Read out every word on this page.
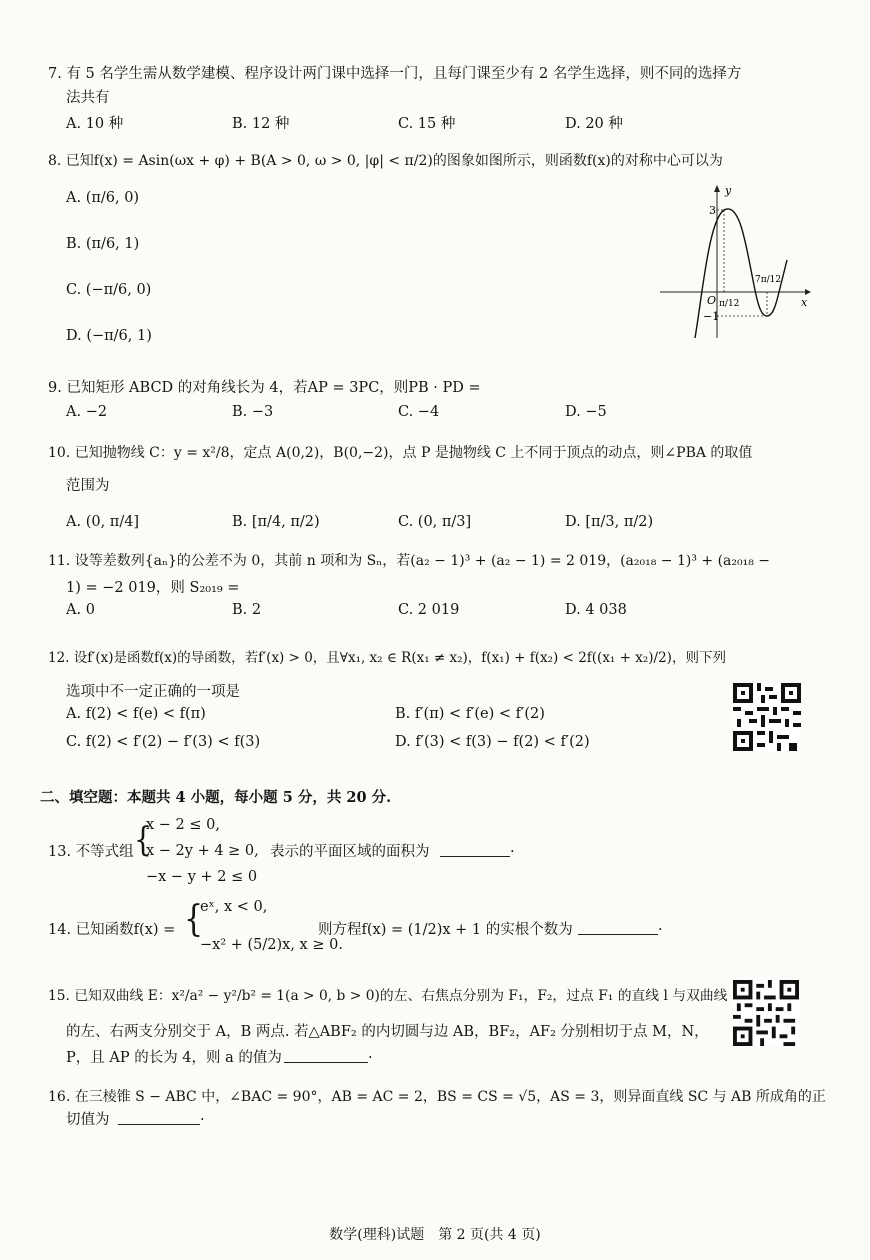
7. 有 5 名学生需从数学建模、程序设计两门课中选择一门，且每门课至少有 2 名学生选择，则不同的选择方
法共有
A. 10 种	B. 12 种	C. 15 种	D. 20 种
8. 已知f(x) = Asin(ωx + φ) + B(A > 0, ω > 0, |φ| < π/2)的图象如图所示，则函数f(x)的对称中心可以为
A. (π/6, 0)
B. (π/6, 1)
C. (−π/6, 0)
D. (−π/6, 1)
y
x
3
−1
O π/12
7π/12
9. 已知矩形 ABCD 的对角线长为 4，若AP = 3PC，则PB · PD =
A. −2	B. −3	C. −4	D. −5
10. 已知抛物线 C：y = x²/8，定点 A(0,2)，B(0,−2)，点 P 是抛物线 C 上不同于顶点的动点，则∠PBA 的取值
范围为
A. (0, π/4]	B. [π/4, π/2)	C. (0, π/3]	D. [π/3, π/2)
11. 设等差数列{aₙ}的公差不为 0，其前 n 项和为 Sₙ，若(a₂ − 1)³ + (a₂ − 1) = 2 019，(a₂₀₁₈ − 1)³ + (a₂₀₁₈ −
1) = −2 019，则 S₂₀₁₉ =
A. 0	B. 2	C. 2 019	D. 4 038
12. 设f′(x)是函数f(x)的导函数，若f′(x) > 0，且∀x₁, x₂ ∈ R(x₁ ≠ x₂)，f(x₁) + f(x₂) < 2f((x₁ + x₂)/2)，则下列
选项中不一定正确的一项是
A. f(2) < f(e) < f(π)	B. f′(π) < f′(e) < f′(2)
C. f(2) < f′(2) − f′(3) < f(3)	D. f′(3) < f(3) − f(2) < f′(2)
二、填空题：本题共 4 小题，每小题 5 分，共 20 分.
13. 不等式组 {
x − 2 ≤ 0,
x − 2y + 4 ≥ 0,
−x − y + 2 ≤ 0
表示的平面区域的面积为	.
14. 已知函数f(x) = {
eˣ, x < 0,
−x² + (5/2)x, x ≥ 0.
则方程f(x) = (1/2)x + 1 的实根个数为	.
15. 已知双曲线 E：x²/a² − y²/b² = 1(a > 0, b > 0)的左、右焦点分别为 F₁，F₂，过点 F₁ 的直线 l 与双曲线
的左、右两支分别交于 A，B 两点. 若△ABF₂ 的内切圆与边 AB，BF₂，AF₂ 分别相切于点 M，N，
P，且 AP 的长为 4，则 a 的值为	.
16. 在三棱锥 S − ABC 中，∠BAC = 90°，AB = AC = 2，BS = CS = √5，AS = 3，则异面直线 SC 与 AB 所成角的正
切值为	.
数学(理科)试题　第 2 页(共 4 页)
